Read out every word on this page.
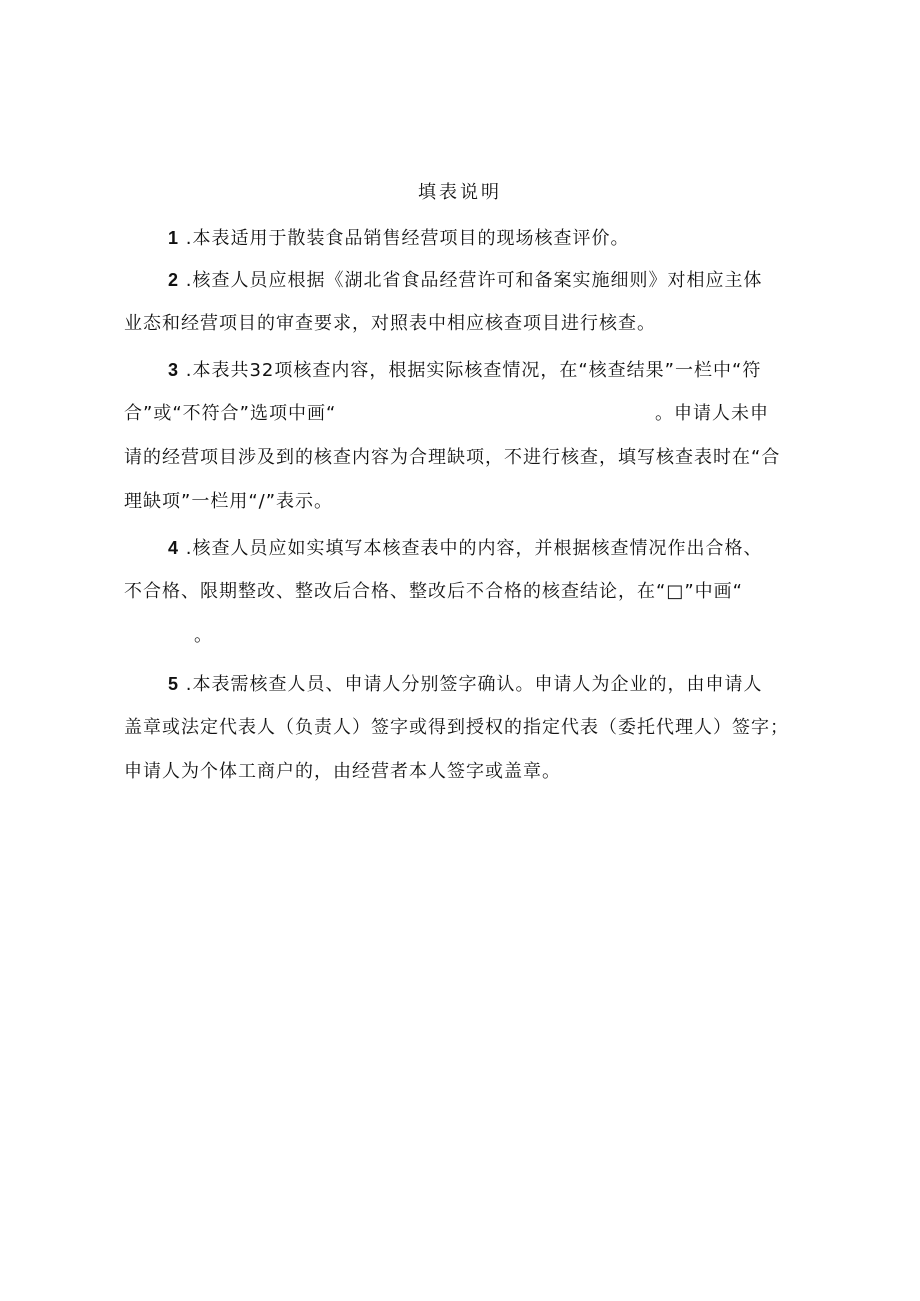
填表说明
1 .本表适用于散装食品销售经营项目的现场核查评价。
2 .核查人员应根据《湖北省食品经营许可和备案实施细则》对相应主体
业态和经营项目的审查要求，对照表中相应核查项目进行核查。
3 .本表共32项核查内容，根据实际核查情况，在“核查结果”一栏中“符
合”或“不符合”选项中画“	。申请人未申
请的经营项目涉及到的核查内容为合理缺项，不进行核查，填写核查表时在“合
理缺项”一栏用“/”表示。
4 .核查人员应如实填写本核查表中的内容，并根据核查情况作出合格、
不合格、限期整改、整改后合格、整改后不合格的核查结论，在“□”中画“
。
5 .本表需核查人员、申请人分别签字确认。申请人为企业的，由申请人
盖章或法定代表人（负责人）签字或得到授权的指定代表（委托代理人）签字；
申请人为个体工商户的，由经营者本人签字或盖章。
